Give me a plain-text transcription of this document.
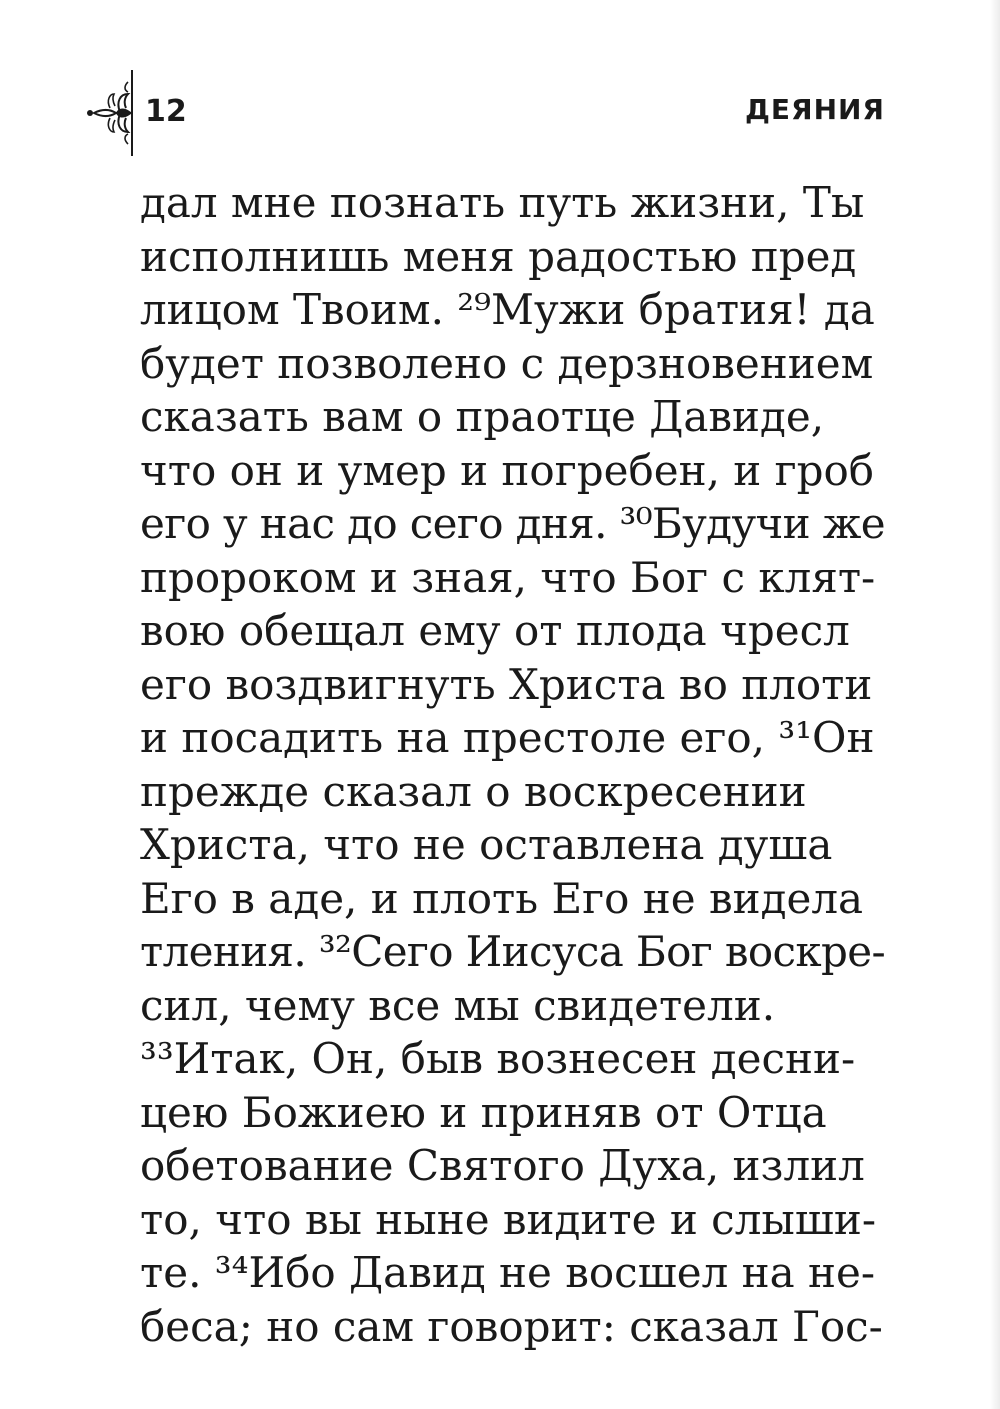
12	ДЕЯНИЯ
дал мне познать путь жизни, Ты
исполнишь меня радостью пред
лицом Твоим. ²⁹Мужи братия! да
будет позволено с дерзновением
сказать вам о праотце Давиде,
что он и умер и погребен, и гроб
его у нас до сего дня. ³⁰Будучи же
пророком и зная, что Бог с клят-
вою обещал ему от плода чресл
его воздвигнуть Христа во плоти
и посадить на престоле его, ³¹Он
прежде сказал о воскресении
Христа, что не оставлена душа
Его в аде, и плоть Его не видела
тления. ³²Сего Иисуса Бог воскре-
сил, чему все мы свидетели.
³³Итак, Он, быв вознесен десни-
цею Божиею и приняв от Отца
обетование Святого Духа, излил
то, что вы ныне видите и слыши-
те. ³⁴Ибо Давид не восшел на не-
беса; но сам говорит: сказал Гос-
